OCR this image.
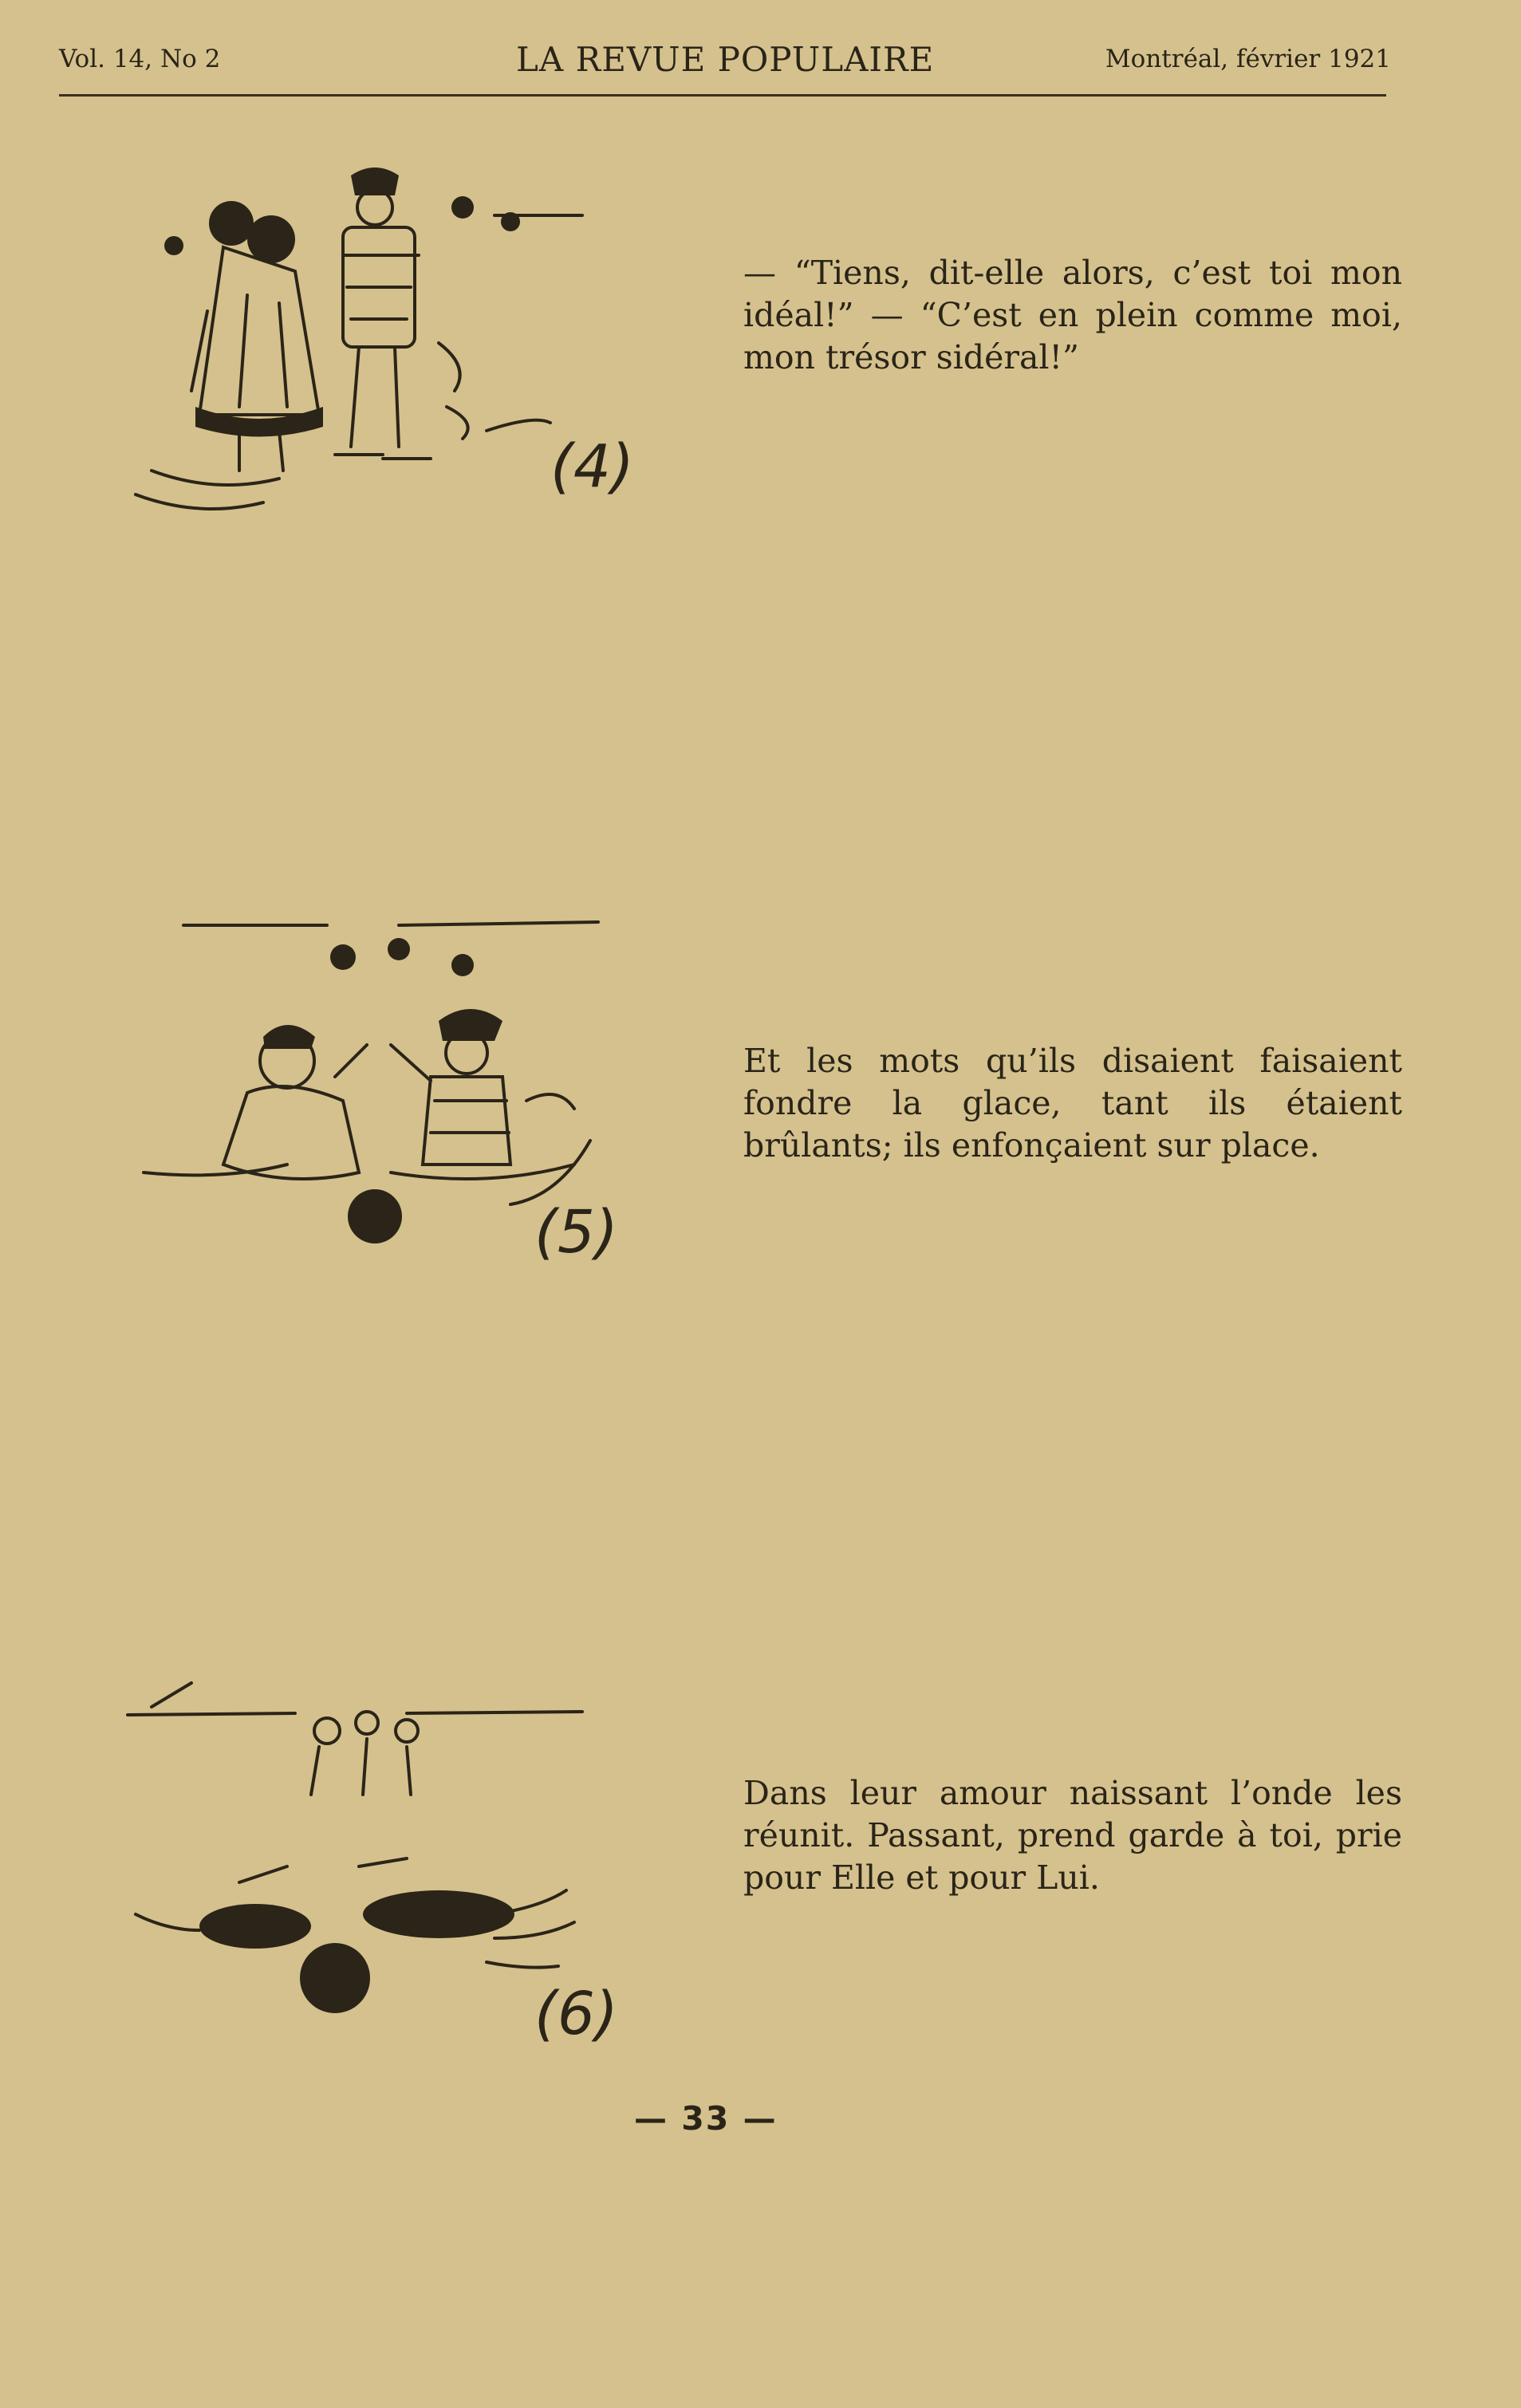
Vol. 14, No 2	LA REVUE POPULAIRE	Montréal, février 1921
(4)
— “Tiens, dit-elle alors, c’est toi mon idéal!” — “C’est en plein comme moi, mon trésor sidéral!”
(5)
Et les mots qu’ils disaient faisaient fondre la glace, tant ils étaient brûlants; ils enfonçaient sur place.
(6)
Dans leur amour naissant l’onde les réunit. Passant, prend garde à toi, prie pour Elle et pour Lui.
— 33 —
